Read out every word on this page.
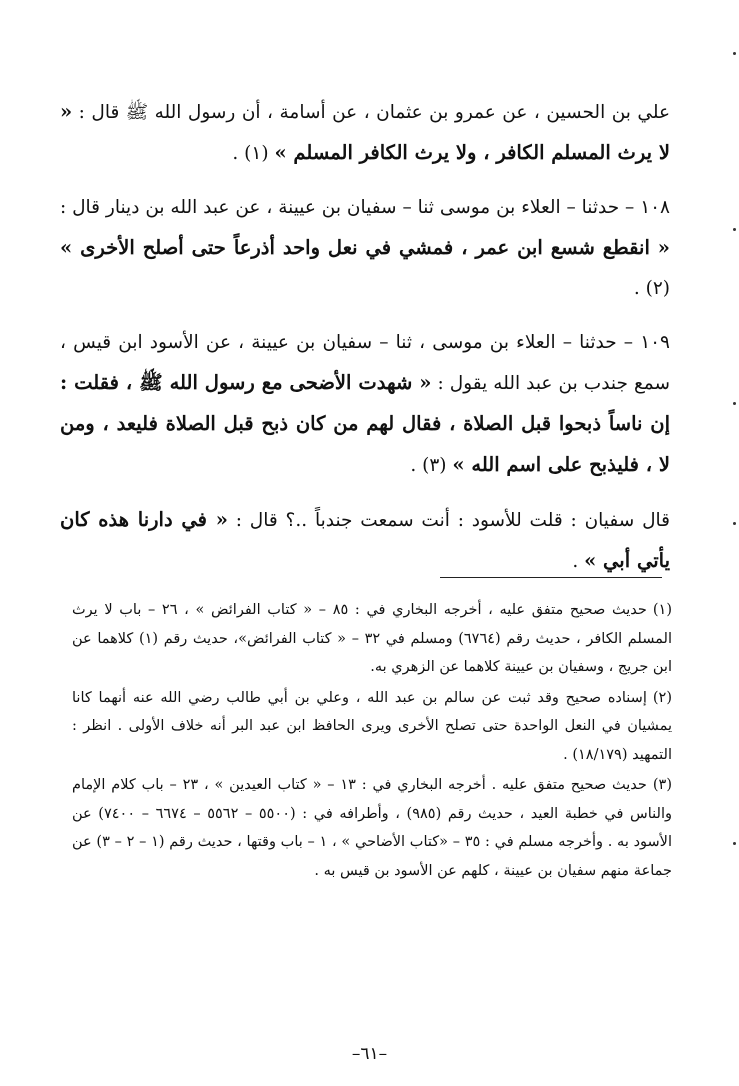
علي بن الحسين ، عن عمرو بن عثمان ، عن أسامة ، أن رسول الله ﷺ قال : « لا يرث المسلم الكافر ، ولا يرث الكافر المسلم » (١) .

١٠٨ – حدثنا – العلاء بن موسى ثنا – سفيان بن عيينة ، عن عبد الله بن دينار قال : « انقطع شسع ابن عمر ، فمشي في نعل واحد أذرعاً حتى أصلح الأخرى » (٢) .

١٠٩ – حدثنا – العلاء بن موسى ، ثنا – سفيان بن عيينة ، عن الأسود ابن قيس ، سمع جندب بن عبد الله يقول : « شهدت الأضحى مع رسول الله ﷺ ، فقلت : إن ناساً ذبحوا قبل الصلاة ، فقال لهم من كان ذبح قبل الصلاة فليعد ، ومن لا ، فليذبح على اسم الله » (٣) .

قال سفيان : قلت للأسود : أنت سمعت جندباً ..؟ قال : « في دارنا هذه كان يأتي أبي » .

(١)حديث صحيح متفق عليه ، أخرجه البخاري في : ٨٥ – « كتاب الفرائض » ، ٢٦ – باب لا يرث المسلم الكافر ، حديث رقم (٦٧٦٤) ومسلم في ٣٢ – « كتاب الفرائض»، حديث رقم (١) كلاهما عن ابن جريج ، وسفيان بن عيينة كلاهما عن الزهري به.

(٢)إسناده صحيح وقد ثبت عن سالم بن عبد الله ، وعلي بن أبي طالب رضي الله عنه أنهما كانا يمشيان في النعل الواحدة حتى تصلح الأخرى ويرى الحافظ ابن عبد البر أنه خلاف الأولى . انظر : التمهيد (١٨/١٧٩) .

(٣)حديث صحيح متفق عليه . أخرجه البخاري في : ١٣ – « كتاب العيدين » ، ٢٣ – باب كلام الإمام والناس في خطبة العيد ، حديث رقم (٩٨٥) ، وأطرافه في : (٥٥٠٠ – ٥٥٦٢ – ٦٦٧٤ – ٧٤٠٠) عن الأسود به . وأخرجه مسلم في : ٣٥ – «كتاب الأضاحي » ، ١ – باب وقتها ، حديث رقم (١ – ٢ – ٣) عن جماعة منهم سفيان بن عيينة ، كلهم عن الأسود بن قيس به .

–٦١–
